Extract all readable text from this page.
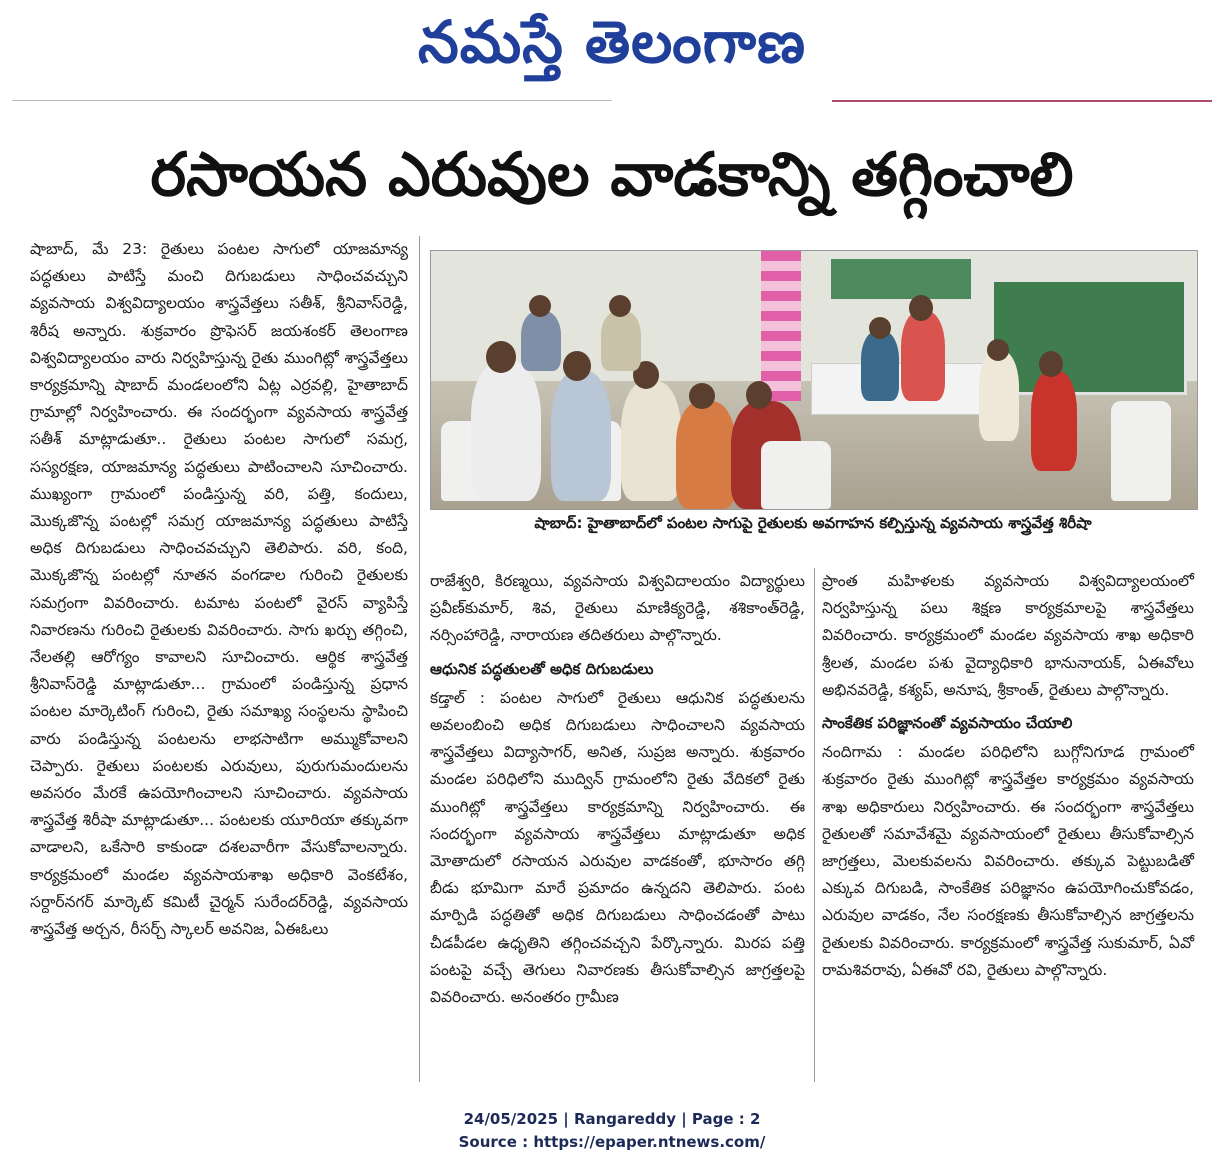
నమస్తే తెలంగాణ
రసాయన ఎరువుల వాడకాన్ని తగ్గించాలి

షాబాద్, మే 23: రైతులు పంటల సాగులో యాజమాన్య పద్ధతులు పాటిస్తే మంచి దిగుబడులు సాధించవచ్చుని వ్యవసాయ విశ్వవిద్యాలయం శాస్త్రవేత్తలు సతీశ్, శ్రీనివాస్‌రెడ్డి, శిరీష అన్నారు. శుక్రవారం ప్రొఫెసర్ జయశంకర్ తెలంగాణ విశ్వవిద్యాలయం వారు నిర్వహిస్తున్న రైతు ముంగిట్లో శాస్త్రవేత్తలు కార్యక్రమాన్ని షాబాద్ మండలంలోని ఏట్ల ఎర్రవల్లి, హైతాబాద్ గ్రామాల్లో నిర్వహించారు. ఈ సందర్భంగా వ్యవసాయ శాస్త్రవేత్త సతీశ్ మాట్లాడుతూ.. రైతులు పంటల సాగులో సమగ్ర, సస్యరక్షణ, యాజమాన్య పద్ధతులు పాటించాలని సూచించారు. ముఖ్యంగా గ్రామంలో పండిస్తున్న వరి, పత్తి, కందులు, మొక్కజొన్న పంటల్లో సమగ్ర యాజమాన్య పద్ధతులు పాటిస్తే అధిక దిగుబడులు సాధించవచ్చుని తెలిపారు. వరి, కంది, మొక్కజొన్న పంటల్లో నూతన వంగడాల గురించి రైతులకు సమగ్రంగా వివరించారు. టమాట పంటలో వైరస్ వ్యాపిస్తే నివారణను గురించి రైతులకు వివరించారు. సాగు ఖర్చు తగ్గించి, నేలతల్లి ఆరోగ్యం కావాలని సూచించారు. ఆర్థిక శాస్త్రవేత్త శ్రీనివాస్‌రెడ్డి మాట్లాడుతూ... గ్రామంలో పండిస్తున్న ప్రధాన పంటల మార్కెటింగ్ గురించి, రైతు సమాఖ్య సంస్థలను స్థాపించి వారు పండిస్తున్న పంటలను లాభసాటిగా అమ్ముకోవాలని చెప్పారు. రైతులు పంటలకు ఎరువులు, పురుగుమందులను అవసరం మేరకే ఉపయోగించాలని సూచించారు. వ్యవసాయ శాస్త్రవేత్త శిరీషా మాట్లాడుతూ... పంటలకు యూరియా తక్కువగా వాడాలని, ఒకేసారి కాకుండా దశలవారీగా వేసుకోవాలన్నారు. కార్యక్రమంలో మండల వ్యవసాయశాఖ అధికారి వెంకటేశం, సర్దార్‌నగర్ మార్కెట్ కమిటీ చైర్మన్ సురేందర్‌రెడ్డి, వ్యవసాయ శాస్త్రవేత్త అర్చన, రీసర్చ్ స్కాలర్ అవనిజ, ఏఈఓలు

షాబాద్: హైతాబాద్‌లో పంటల సాగుపై రైతులకు అవగాహన కల్పిస్తున్న వ్యవసాయ శాస్త్రవేత్త శిరీషా

రాజేశ్వరి, కిరణ్మయి, వ్యవసాయ విశ్వవిదాలయం విద్యార్థులు ప్రవీణ్‌కుమార్, శివ, రైతులు మాణిక్యరెడ్డి, శశికాంత్‌రెడ్డి, నర్సింహారెడ్డి, నారాయణ తదితరులు పాల్గొన్నారు.

ఆధునిక పద్ధతులతో అధిక దిగుబడులు

కడ్తాల్ : పంటల సాగులో రైతులు ఆధునిక పద్ధతులను అవలంబించి అధిక దిగుబడులు సాధించాలని వ్యవసాయ శాస్త్రవేత్తలు విద్యాసాగర్, అనిత, సుప్రజ అన్నారు. శుక్రవారం మండల పరిధిలోని ముద్విన్ గ్రామంలోని రైతు వేదికలో రైతు ముంగిట్లో శాస్త్రవేత్తలు కార్యక్రమాన్ని నిర్వహించారు. ఈ సందర్భంగా వ్యవసాయ శాస్త్రవేత్తలు మాట్లాడుతూ అధిక మోతాదులో రసాయన ఎరువుల వాడకంతో, భూసారం తగ్గి బీడు భూమిగా మారే ప్రమాదం ఉన్నదని తెలిపారు. పంట మార్పిడి పద్ధతితో అధిక దిగుబడులు సాధించడంతో పాటు చీడపీడల ఉధృతిని తగ్గించవచ్చని పేర్కొన్నారు. మిరప పత్తి పంటపై వచ్చే తెగులు నివారణకు తీసుకోవాల్సిన జాగ్రత్తలపై వివరించారు. అనంతరం గ్రామీణ

ప్రాంత మహిళలకు వ్యవసాయ విశ్వవిద్యాలయంలో నిర్వహిస్తున్న పలు శిక్షణ కార్యక్రమాలపై శాస్త్రవేత్తలు వివరించారు. కార్యక్రమంలో మండల వ్యవసాయ శాఖ అధికారి శ్రీలత, మండల పశు వైద్యాధికారి భానునాయక్, ఏఈవోలు అభినవరెడ్డి, కశ్యప్, అనూష, శ్రీకాంత్, రైతులు పాల్గొన్నారు.

సాంకేతిక పరిజ్ఞానంతో వ్యవసాయం చేయాలి

నందిగామ : మండల పరిధిలోని బుగ్గోనిగూడ గ్రామంలో శుక్రవారం రైతు ముంగిట్లో శాస్త్రవేత్తల కార్యక్రమం వ్యవసాయ శాఖ అధికారులు నిర్వహించారు. ఈ సందర్భంగా శాస్త్రవేత్తలు రైతులతో సమావేశమై వ్యవసాయంలో రైతులు తీసుకోవాల్సిన జాగ్రత్తలు, మెలకువలను వివరించారు. తక్కువ పెట్టుబడితో ఎక్కువ దిగుబడి, సాంకేతిక పరిజ్ఞానం ఉపయోగించుకోవడం, ఎరువుల వాడకం, నేల సంరక్షణకు తీసుకోవాల్సిన జాగ్రత్తలను రైతులకు వివరించారు. కార్యక్రమంలో శాస్త్రవేత్త సుకుమార్, ఏవో రామశివరావు, ఏఈవో రవి, రైతులు పాల్గొన్నారు.

24/05/2025 | Rangareddy | Page : 2
Source : https://epaper.ntnews.com/
